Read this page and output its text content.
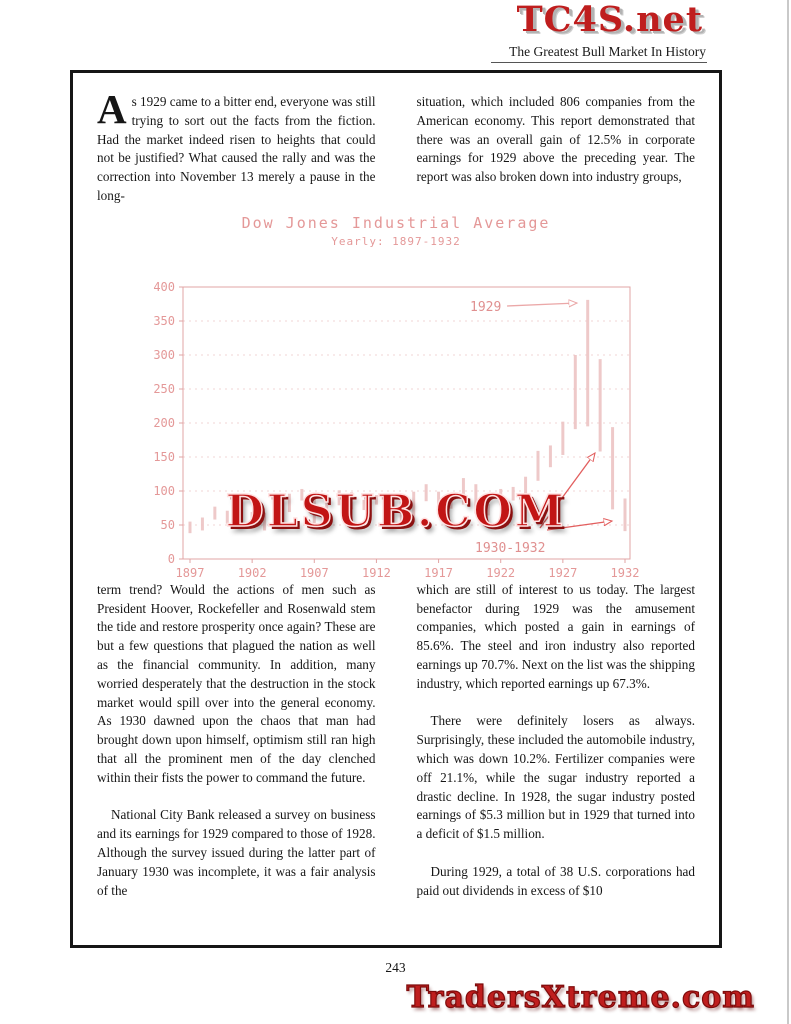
TC4S.net
The Greatest Bull Market In History

As 1929 came to a bitter end, everyone was still trying to sort out the facts from the fiction. Had the market indeed risen to heights that could not be justified? What caused the rally and was the correction into November 13 merely a pause in the long-

situation, which included 806 companies from the American economy. This report demonstrated that there was an overall gain of 12.5% in corporate earnings for 1929 above the preceding year. The report was also broken down into industry groups,

Dow Jones Industrial Average
Yearly: 1897-1932
0
50
100
150
200
250
300
350
400
1897	1902	1907	1912	1917	1922	1927	1932
1929
1930-1932
DLSUB.COM

term trend? Would the actions of men such as President Hoover, Rockefeller and Rosenwald stem the tide and restore prosperity once again? These are but a few questions that plagued the nation as well as the financial community. In addition, many worried desperately that the destruction in the stock market would spill over into the general economy. As 1930 dawned upon the chaos that man had brought down upon himself, optimism still ran high that all the prominent men of the day clenched within their fists the power to command the future.

National City Bank released a survey on business and its earnings for 1929 compared to those of 1928. Although the survey issued during the latter part of January 1930 was incomplete, it was a fair analysis of the

which are still of interest to us today. The largest benefactor during 1929 was the amusement companies, which posted a gain in earnings of 85.6%. The steel and iron industry also reported earnings up 70.7%. Next on the list was the shipping industry, which reported earnings up 67.3%.

There were definitely losers as always. Surprisingly, these included the automobile industry, which was down 10.2%. Fertilizer companies were off 21.1%, while the sugar industry reported a drastic decline. In 1928, the sugar industry posted earnings of $5.3 million but in 1929 that turned into a deficit of $1.5 million.

During 1929, a total of 38 U.S. corporations had paid out dividends in excess of $10

243
TradersXtreme.com
